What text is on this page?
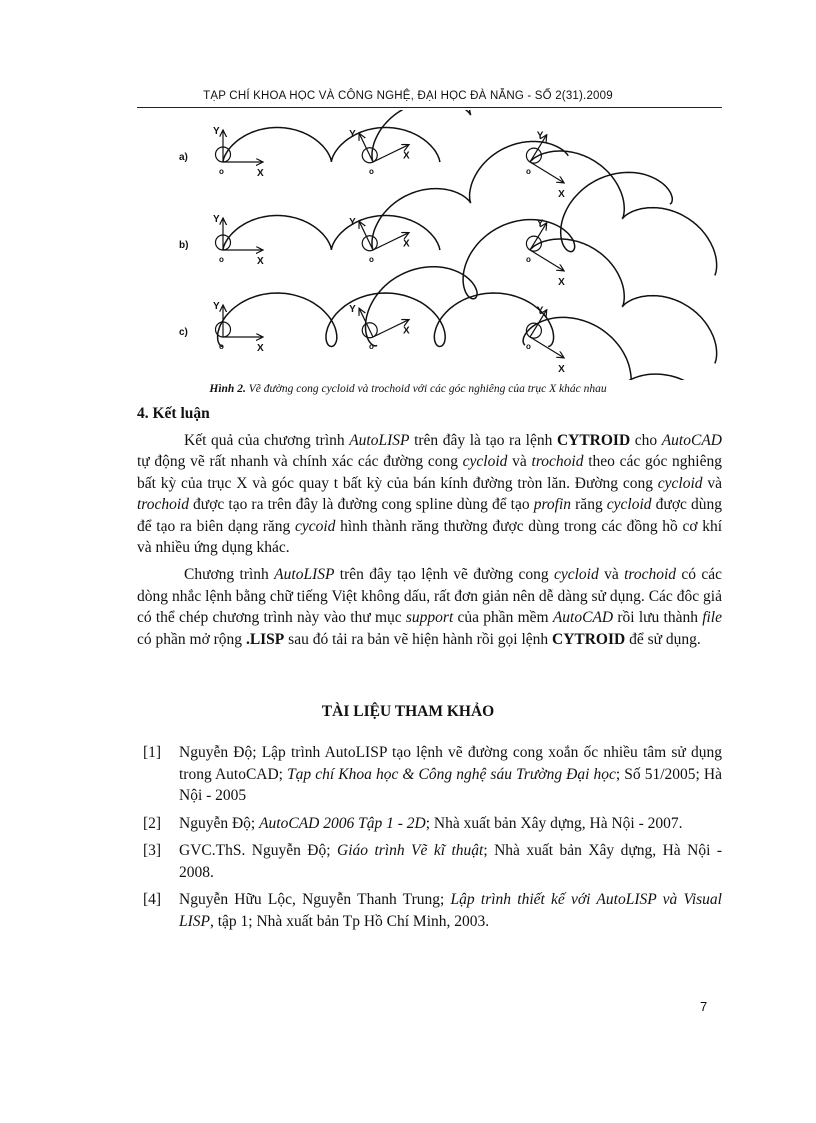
TẠP CHÍ KHOA HỌC VÀ CÔNG NGHỆ, ĐẠI HỌC ĐÀ NẴNG - SỐ 2(31).2009
a)
Y
X
o
Y
X
o
Y
X
o
b)
Y
X
o
Y
X
o
Y
X
o
c)
Y
X
o
Y
X
o
Y
X
o
Hình 2. Vẽ đường cong cycloid và trochoid với các góc nghiêng của trục X khác nhau
4. Kết luận

Kết quả của chương trình AutoLISP trên đây là tạo ra lệnh CYTROID cho AutoCAD tự động vẽ rất nhanh và chính xác các đường cong cycloid và trochoid theo các góc nghiêng bất kỳ của trục X và góc quay t bất kỳ của bán kính đường tròn lăn. Đường cong cycloid và trochoid được tạo ra trên đây là đường cong spline dùng để tạo profin răng cycloid được dùng để tạo ra biên dạng răng cycoid hình thành răng thường được dùng trong các đồng hồ cơ khí và nhiều ứng dụng khác.

Chương trình AutoLISP trên đây tạo lệnh vẽ đường cong cycloid và trochoid có các dòng nhắc lệnh bằng chữ tiếng Việt không dấu, rất đơn giản nên dễ dàng sử dụng. Các đôc giả có thể chép chương trình này vào thư mục support của phần mềm AutoCAD rồi lưu thành file có phần mở rộng .LISP sau đó tải ra bản vẽ hiện hành rồi gọi lệnh CYTROID để sử dụng.

TÀI LIỆU THAM KHẢO
[1]	Nguyễn Độ; Lập trình AutoLISP tạo lệnh vẽ đường cong xoắn ốc nhiều tâm sử dụng trong AutoCAD; Tạp chí Khoa học & Công nghệ sáu Trường Đại học; Số 51/2005; Hà Nội - 2005
[2]	Nguyễn Độ; AutoCAD 2006 Tập 1 - 2D; Nhà xuất bản Xây dựng, Hà Nội - 2007.
[3]	GVC.ThS. Nguyễn Độ; Giáo trình Vẽ kĩ thuật; Nhà xuất bản Xây dựng, Hà Nội - 2008.
[4]	Nguyễn Hữu Lộc, Nguyễn Thanh Trung; Lập trình thiết kế với AutoLISP và Visual LISP, tập 1; Nhà xuất bản Tp Hồ Chí Minh, 2003.
7
